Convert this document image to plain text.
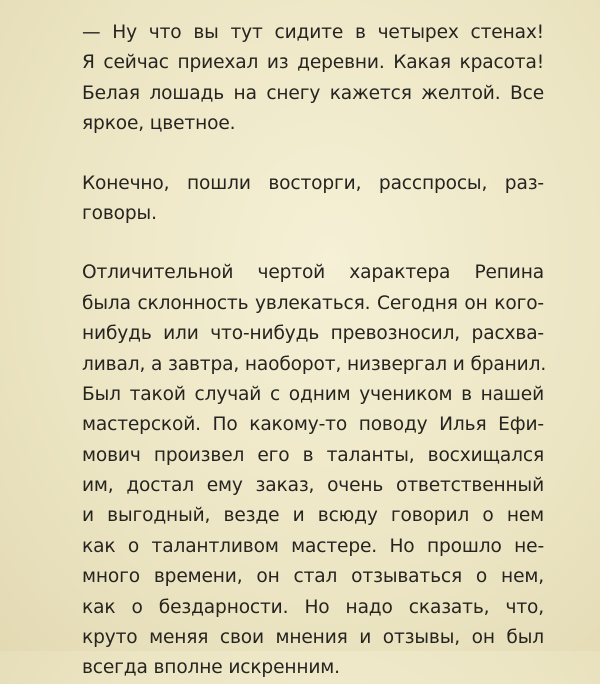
— Ну что вы тут сидите в четырех стенах!
Я сейчас приехал из деревни. Какая красота!
Белая лошадь на снегу кажется желтой. Все
яркое, цветное.
Конечно, пошли восторги, расспросы, раз-
говоры.
Отличительной чертой характера Репина
была склонность увлекаться. Сегодня он кого-
нибудь или что-нибудь превозносил, расхва-
ливал, а завтра, наоборот, низвергал и бранил.
Был такой случай с одним учеником в нашей
мастерской. По какому-то поводу Илья Ефи-
мович произвел его в таланты, восхищался
им, достал ему заказ, очень ответственный
и выгодный, везде и всюду говорил о нем
как о талантливом мастере. Но прошло не-
много времени, он стал отзываться о нем,
как о бездарности. Но надо сказать, что,
круто меняя свои мнения и отзывы, он был
всегда вполне искренним.
